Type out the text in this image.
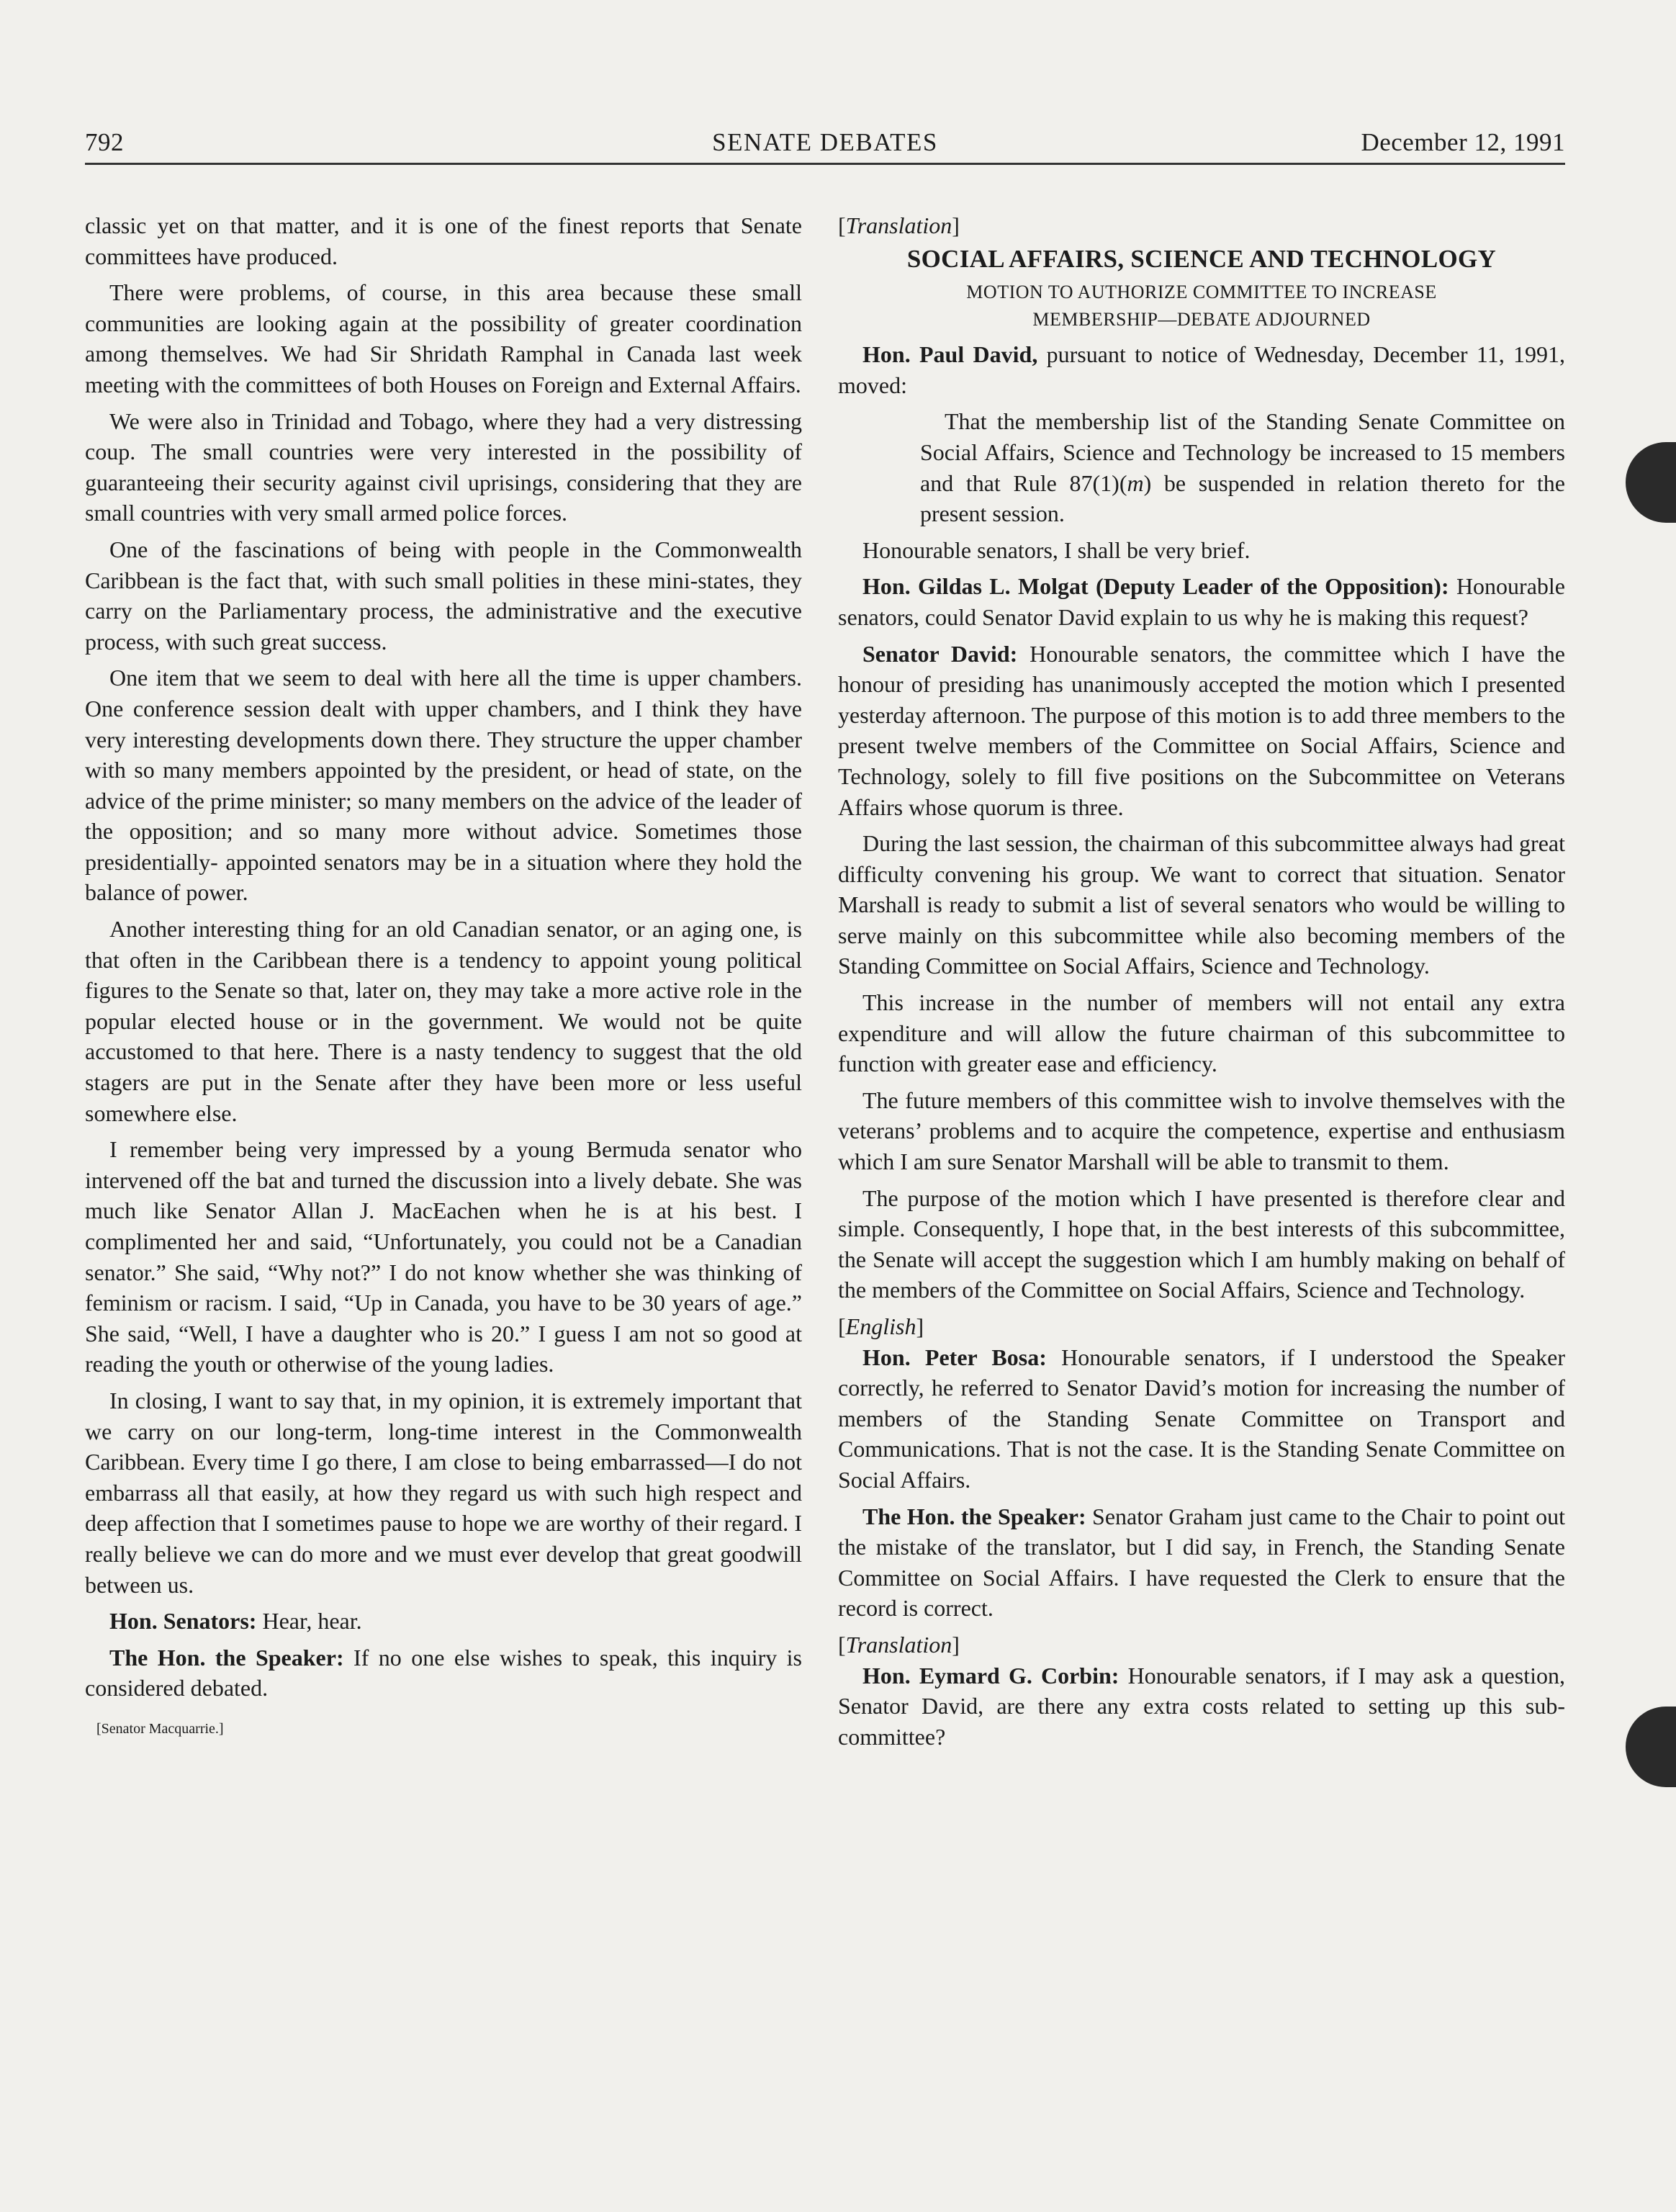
792	SENATE DEBATES	December 12, 1991

classic yet on that matter, and it is one of the finest reports that Senate committees have produced.

There were problems, of course, in this area because these small communities are looking again at the possibility of greater coordination among themselves. We had Sir Shridath Ramphal in Canada last week meeting with the committees of both Houses on Foreign and External Affairs.

We were also in Trinidad and Tobago, where they had a very distressing coup. The small countries were very interested in the possibility of guaranteeing their security against civil uprisings, considering that they are small countries with very small armed police forces.

One of the fascinations of being with people in the Commonwealth Caribbean is the fact that, with such small polities in these mini-states, they carry on the Parliamentary process, the administrative and the executive process, with such great success.

One item that we seem to deal with here all the time is upper chambers. One conference session dealt with upper chambers, and I think they have very interesting developments down there. They structure the upper chamber with so many members appointed by the president, or head of state, on the advice of the prime minister; so many members on the advice of the leader of the opposition; and so many more without advice. Sometimes those presidentially- appointed senators may be in a situation where they hold the balance of power.

Another interesting thing for an old Canadian senator, or an aging one, is that often in the Caribbean there is a tendency to appoint young political figures to the Senate so that, later on, they may take a more active role in the popular elected house or in the government. We would not be quite accustomed to that here. There is a nasty tendency to suggest that the old stagers are put in the Senate after they have been more or less useful somewhere else.

I remember being very impressed by a young Bermuda senator who intervened off the bat and turned the discussion into a lively debate. She was much like Senator Allan J. MacEachen when he is at his best. I complimented her and said, “Unfortunately, you could not be a Canadian senator.” She said, “Why not?” I do not know whether she was thinking of feminism or racism. I said, “Up in Canada, you have to be 30 years of age.” She said, “Well, I have a daughter who is 20.” I guess I am not so good at reading the youth or otherwise of the young ladies.

In closing, I want to say that, in my opinion, it is extremely important that we carry on our long-term, long-time interest in the Commonwealth Caribbean. Every time I go there, I am close to being embarrassed—I do not embarrass all that easily, at how they regard us with such high respect and deep affection that I sometimes pause to hope we are worthy of their regard. I really believe we can do more and we must ever develop that great goodwill between us.

Hon. Senators: Hear, hear.

The Hon. the Speaker: If no one else wishes to speak, this inquiry is considered debated.

[Senator Macquarrie.]

[Translation]

SOCIAL AFFAIRS, SCIENCE AND TECHNOLOGY
MOTION TO AUTHORIZE COMMITTEE TO INCREASE
MEMBERSHIP—DEBATE ADJOURNED

Hon. Paul David, pursuant to notice of Wednesday, December 11, 1991, moved:

That the membership list of the Standing Senate Committee on Social Affairs, Science and Technology be increased to 15 members and that Rule 87(1)(m) be suspended in relation thereto for the present session.

Honourable senators, I shall be very brief.

Hon. Gildas L. Molgat (Deputy Leader of the Opposition): Honourable senators, could Senator David explain to us why he is making this request?

Senator David: Honourable senators, the committee which I have the honour of presiding has unanimously accepted the motion which I presented yesterday afternoon. The purpose of this motion is to add three members to the present twelve members of the Committee on Social Affairs, Science and Technology, solely to fill five positions on the Subcommittee on Veterans Affairs whose quorum is three.

During the last session, the chairman of this subcommittee always had great difficulty convening his group. We want to correct that situation. Senator Marshall is ready to submit a list of several senators who would be willing to serve mainly on this subcommittee while also becoming members of the Standing Committee on Social Affairs, Science and Technology.

This increase in the number of members will not entail any extra expenditure and will allow the future chairman of this subcommittee to function with greater ease and efficiency.

The future members of this committee wish to involve themselves with the veterans’ problems and to acquire the competence, expertise and enthusiasm which I am sure Senator Marshall will be able to transmit to them.

The purpose of the motion which I have presented is therefore clear and simple. Consequently, I hope that, in the best interests of this subcommittee, the Senate will accept the suggestion which I am humbly making on behalf of the members of the Committee on Social Affairs, Science and Technology.

[English]

Hon. Peter Bosa: Honourable senators, if I understood the Speaker correctly, he referred to Senator David’s motion for increasing the number of members of the Standing Senate Committee on Transport and Communications. That is not the case. It is the Standing Senate Committee on Social Affairs.

The Hon. the Speaker: Senator Graham just came to the Chair to point out the mistake of the translator, but I did say, in French, the Standing Senate Committee on Social Affairs. I have requested the Clerk to ensure that the record is correct.

[Translation]

Hon. Eymard G. Corbin: Honourable senators, if I may ask a question, Senator David, are there any extra costs related to setting up this sub-committee?
